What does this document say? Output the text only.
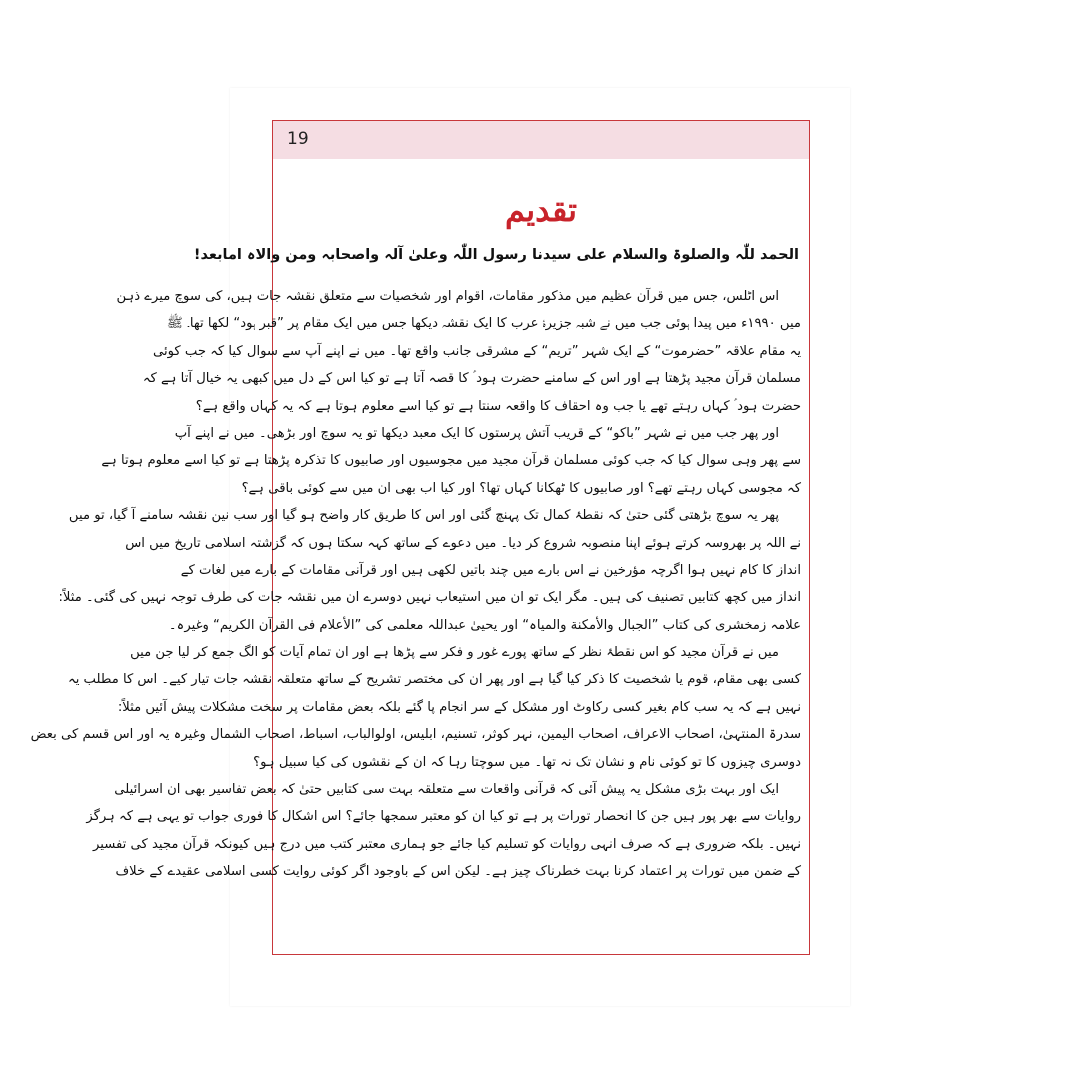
19
تقدیم
الحمد للّٰہ والصلوۃ والسلام علی سیدنا رسول اللّٰہ وعلیٰ آلہ واصحابہ ومن والاہ امابعد!
اس اٹلس، جس میں قرآن عظیم میں مذکور مقامات، اقوام اور شخصیات سے متعلق نقشہ جات ہیں، کی سوچ میرے ذہن
میں ۱۹۹۰ء میں پیدا ہوئی جب میں نے شبہ جزیرۂ عرب کا ایک نقشہ دیکھا جس میں ایک مقام پر ”قبر ہود“ لکھا تھا۔ ﷺ
یہ مقام علاقہ ”حضرموت“ کے ایک شہر ”تریم“ کے مشرقی جانب واقع تھا۔ میں نے اپنے آپ سے سوال کیا کہ جب کوئی
مسلمان قرآن مجید پڑھتا ہے اور اس کے سامنے حضرت ہود ؑ کا قصہ آتا ہے تو کیا اس کے دل میں کبھی یہ خیال آتا ہے کہ
حضرت ہود ؑ کہاں رہتے تھے یا جب وہ احقاف کا واقعہ سنتا ہے تو کیا اسے معلوم ہوتا ہے کہ یہ کہاں واقع ہے؟
اور پھر جب میں نے شہر ”باکو“ کے قریب آتش پرستوں کا ایک معبد دیکھا تو یہ سوچ اور بڑھی۔ میں نے اپنے آپ
سے پھر وہی سوال کیا کہ جب کوئی مسلمان قرآن مجید میں مجوسیوں اور صابیوں کا تذکرہ پڑھتا ہے تو کیا اسے معلوم ہوتا ہے
کہ مجوسی کہاں رہتے تھے؟ اور صابیوں کا ٹھکانا کہاں تھا؟ اور کیا اب بھی ان میں سے کوئی باقی ہے؟
پھر یہ سوچ بڑھتی گئی حتیٰ کہ نقطۂ کمال تک پہنچ گئی اور اس کا طریق کار واضح ہو گیا اور سب نین نقشہ سامنے آ گیا، تو میں
نے اللہ پر بھروسہ کرتے ہوئے اپنا منصوبہ شروع کر دیا۔ میں دعوے کے ساتھ کہہ سکتا ہوں کہ گزشتہ اسلامی تاریخ میں اس
انداز کا کام نہیں ہوا اگرچہ مؤرخین نے اس بارے میں چند باتیں لکھی ہیں اور قرآنی مقامات کے بارے میں لغات کے
انداز میں کچھ کتابیں تصنیف کی ہیں۔ مگر ایک تو ان میں استیعاب نہیں دوسرے ان میں نقشہ جات کی طرف توجہ نہیں کی گئی۔ مثلاً:
علامہ زمخشری کی کتاب ”الجبال والأمکنة والمیاہ“ اور یحییٰ عبداللہ معلمی کی ”الأعلام فی القرآن الکریم“ وغیرہ۔
میں نے قرآن مجید کو اس نقطۂ نظر کے ساتھ پورے غور و فکر سے پڑھا ہے اور ان تمام آیات کو الگ جمع کر لیا جن میں
کسی بھی مقام، قوم یا شخصیت کا ذکر کیا گیا ہے اور پھر ان کی مختصر تشریح کے ساتھ متعلقہ نقشہ جات تیار کیے۔ اس کا مطلب یہ
نہیں ہے کہ یہ سب کام بغیر کسی رکاوٹ اور مشکل کے سر انجام پا گئے بلکہ بعض مقامات پر سخت مشکلات پیش آئیں مثلاً:
سدرۃ المنتہیٰ، اصحاب الاعراف، اصحاب الیمین، نہر کوثر، تسنیم، ابلیس، اولوالباب، اسباط، اصحاب الشمال وغیرہ یہ اور اس قسم کی بعض
دوسری چیزوں کا تو کوئی نام و نشان تک نہ تھا۔ میں سوچتا رہا کہ ان کے نقشوں کی کیا سبیل ہو؟
ایک اور بہت بڑی مشکل یہ پیش آئی کہ قرآنی واقعات سے متعلقہ بہت سی کتابیں حتیٰ کہ بعض تفاسیر بھی ان اسرائیلی
روایات سے بھر پور ہیں جن کا انحصار تورات پر ہے تو کیا ان کو معتبر سمجھا جائے؟ اس اشکال کا فوری جواب تو یہی ہے کہ ہرگز
نہیں۔ بلکہ ضروری ہے کہ صرف انہی روایات کو تسلیم کیا جائے جو ہماری معتبر کتب میں درج ہیں کیونکہ قرآن مجید کی تفسیر
کے ضمن میں تورات پر اعتماد کرنا بہت خطرناک چیز ہے۔ لیکن اس کے باوجود اگر کوئی روایت کسی اسلامی عقیدے کے خلاف
